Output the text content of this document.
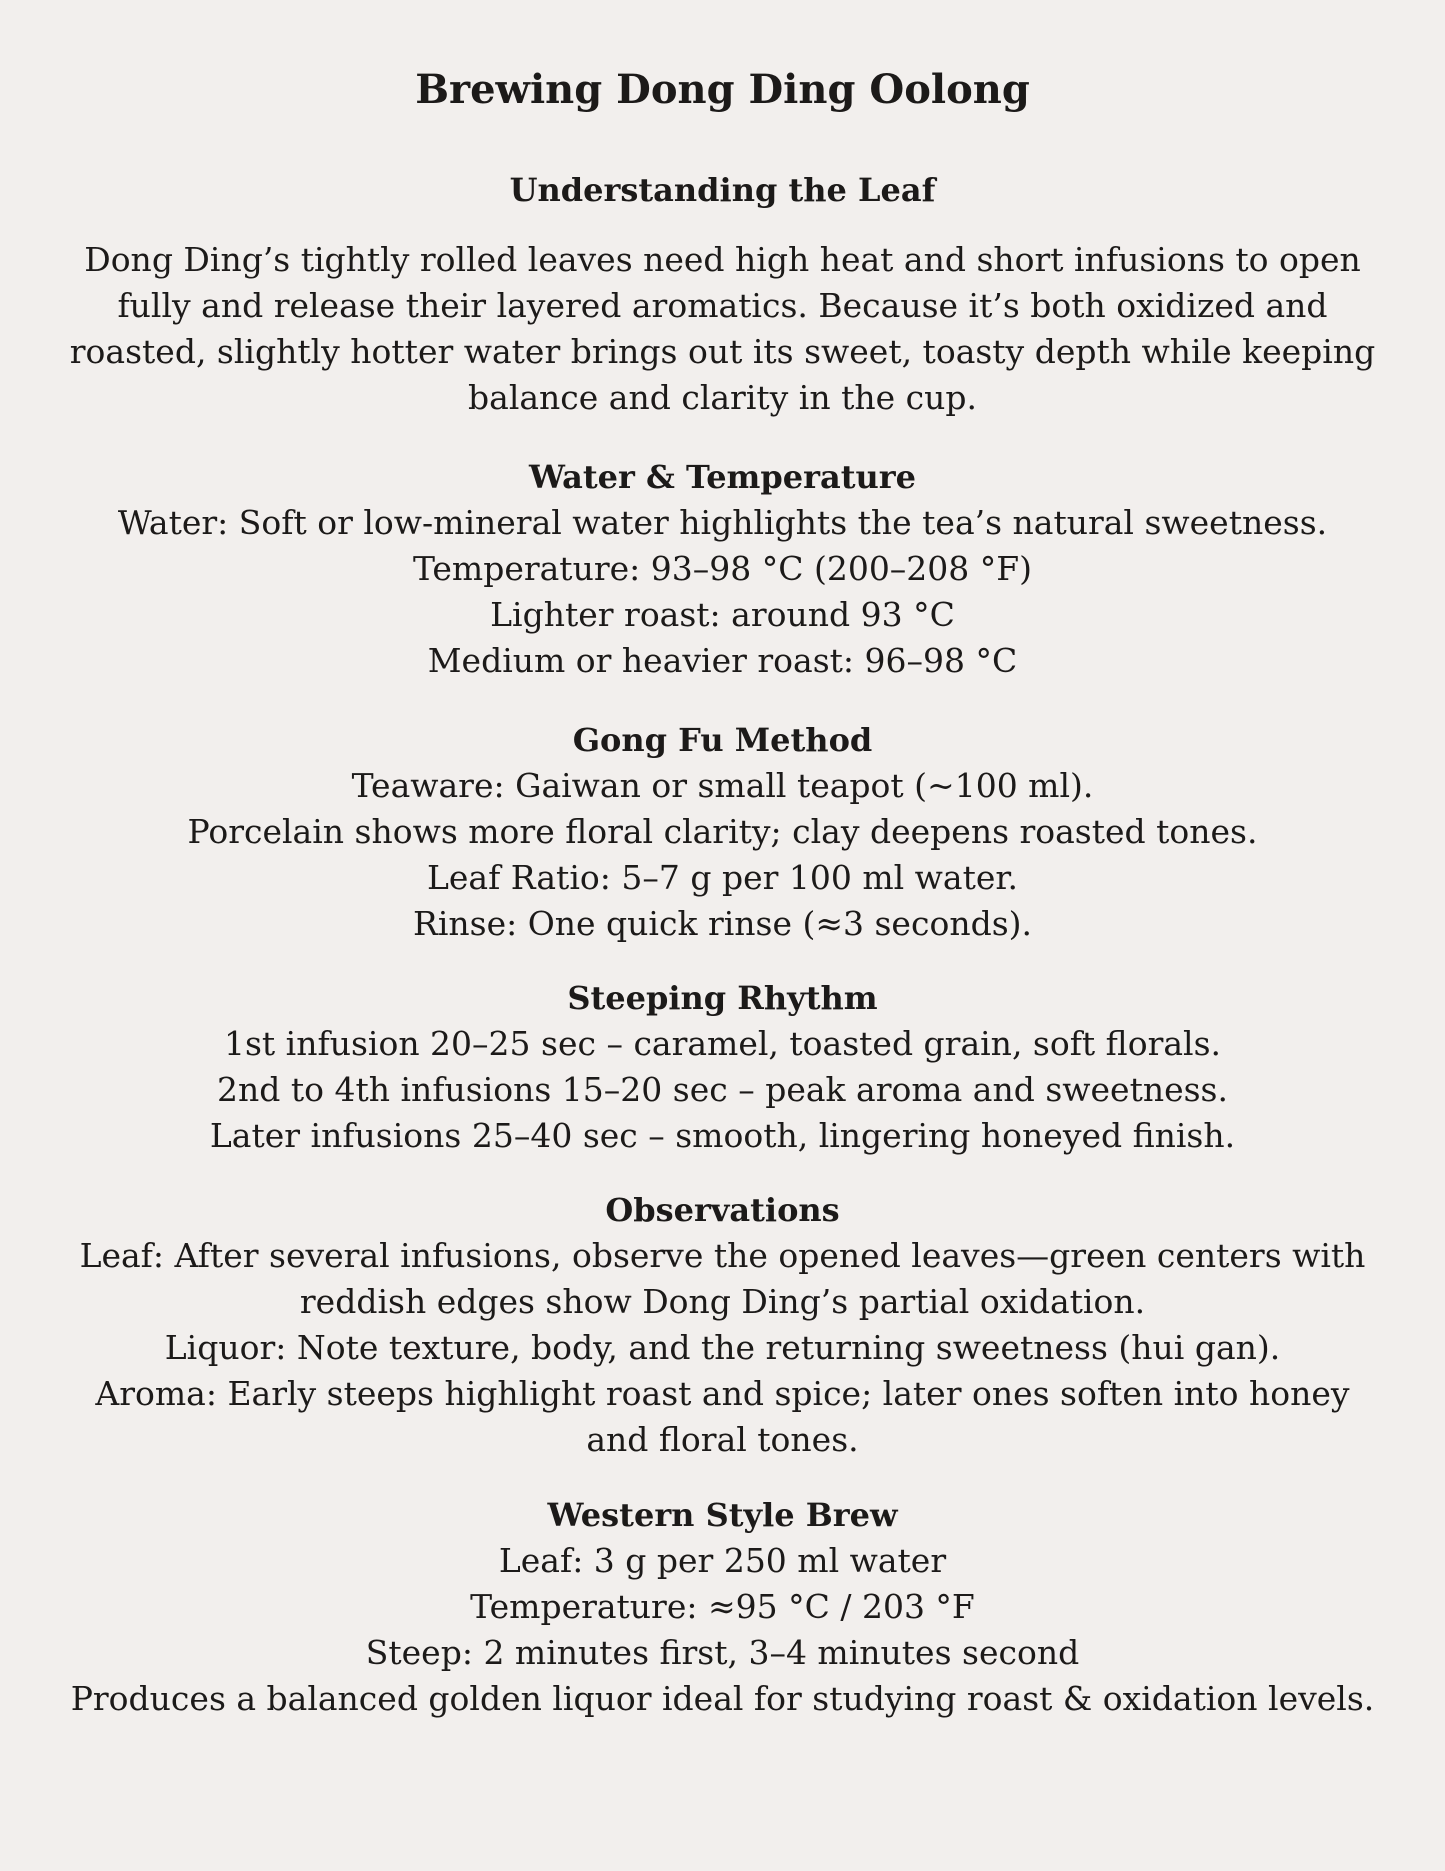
Brewing Dong Ding Oolong
Understanding the Leaf

Dong Ding’s tightly rolled leaves need high heat and short infusions to open fully and release their layered aromatics. Because it’s both oxidized and roasted, slightly hotter water brings out its sweet, toasty depth while keeping balance and clarity in the cup.

Water & Temperature

Water: Soft or low-mineral water highlights the tea’s natural sweetness.

Temperature: 93–98 °C (200–208 °F)

Lighter roast: around 93 °C

Medium or heavier roast: 96–98 °C

Gong Fu Method

Teaware: Gaiwan or small teapot (~100 ml).

Porcelain shows more floral clarity; clay deepens roasted tones.

Leaf Ratio: 5–7 g per 100 ml water.

Rinse: One quick rinse (≈3 seconds).

Steeping Rhythm

1st infusion 20–25 sec – caramel, toasted grain, soft florals.

2nd to 4th infusions 15–20 sec – peak aroma and sweetness.

Later infusions 25–40 sec – smooth, lingering honeyed finish.

Observations

Leaf: After several infusions, observe the opened leaves—green centers with reddish edges show Dong Ding’s partial oxidation.

Liquor: Note texture, body, and the returning sweetness (hui gan).

Aroma: Early steeps highlight roast and spice; later ones soften into honey and floral tones.

Western Style Brew

Leaf: 3 g per 250 ml water

Temperature: ≈95 °C / 203 °F

Steep: 2 minutes first, 3–4 minutes second

Produces a balanced golden liquor ideal for studying roast & oxidation levels.
